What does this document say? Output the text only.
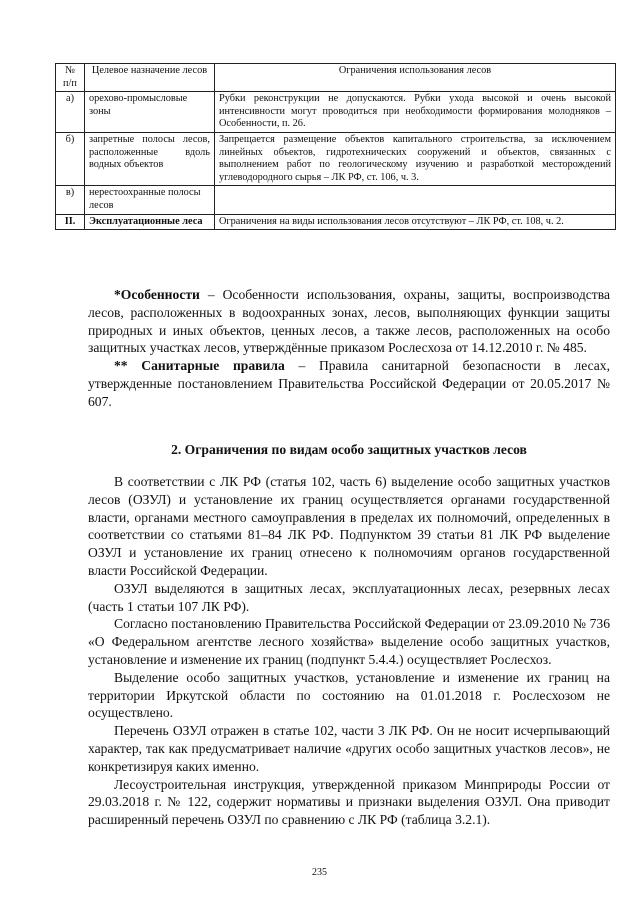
№ п/п	Целевое назначение лесов	Ограничения использования лесов
а)	орехово-промысловые зоны	Рубки реконструкции не допускаются. Рубки ухода высокой и очень высокой интенсивности могут проводиться при необходимости формирования молодняков – Особенности, п. 26.
б)	запретные полосы лесов, расположенные вдоль водных объектов	Запрещается размещение объектов капитального строительства, за исключением линейных объектов, гидротехнических сооружений и объектов, связанных с выполнением работ по геологическому изучению и разработкой месторождений углеводородного сырья – ЛК РФ, ст. 106, ч. 3.
в)	нерестоохранные полосы лесов	
II.	Эксплуатационные леса	Ограничения на виды использования лесов отсутствуют – ЛК РФ, ст. 108, ч. 2.

*Особенности – Особенности использования, охраны, защиты, воспроизводства лесов, расположенных в водоохранных зонах, лесов, выполняющих функции защиты природных и иных объектов, ценных лесов, а также лесов, расположенных на особо защитных участках лесов, утверждённые приказом Рослесхоза от 14.12.2010 г. № 485.

** Санитарные правила – Правила санитарной безопасности в лесах, утвержденные постановлением Правительства Российской Федерации от 20.05.2017 № 607.

2. Ограничения по видам особо защитных участков лесов

В соответствии с ЛК РФ (статья 102, часть 6) выделение особо защитных участков лесов (ОЗУЛ) и установление их границ осуществляется органами государственной власти, органами местного самоуправления в пределах их полномочий, определенных в соответствии со статьями 81–84 ЛК РФ. Подпунктом 39 статьи 81 ЛК РФ выделение ОЗУЛ и установление их границ отнесено к полномочиям органов государственной власти Российской Федерации.

ОЗУЛ выделяются в защитных лесах, эксплуатационных лесах, резервных лесах (часть 1 статьи 107 ЛК РФ).

Согласно постановлению Правительства Российской Федерации от 23.09.2010 № 736 «О Федеральном агентстве лесного хозяйства» выделение особо защитных участков, установление и изменение их границ (подпункт 5.4.4.) осуществляет Рослесхоз.

Выделение особо защитных участков, установление и изменение их границ на территории Иркутской области по состоянию на 01.01.2018 г. Рослесхозом не осуществлено.

Перечень ОЗУЛ отражен в статье 102, части 3 ЛК РФ. Он не носит исчерпывающий характер, так как предусматривает наличие «других особо защитных участков лесов», не конкретизируя каких именно.

Лесоустроительная инструкция, утвержденной приказом Минприроды России от 29.03.2018 г. № 122, содержит нормативы и признаки выделения ОЗУЛ. Она приводит расширенный перечень ОЗУЛ по сравнению с ЛК РФ (таблица 3.2.1).

235
